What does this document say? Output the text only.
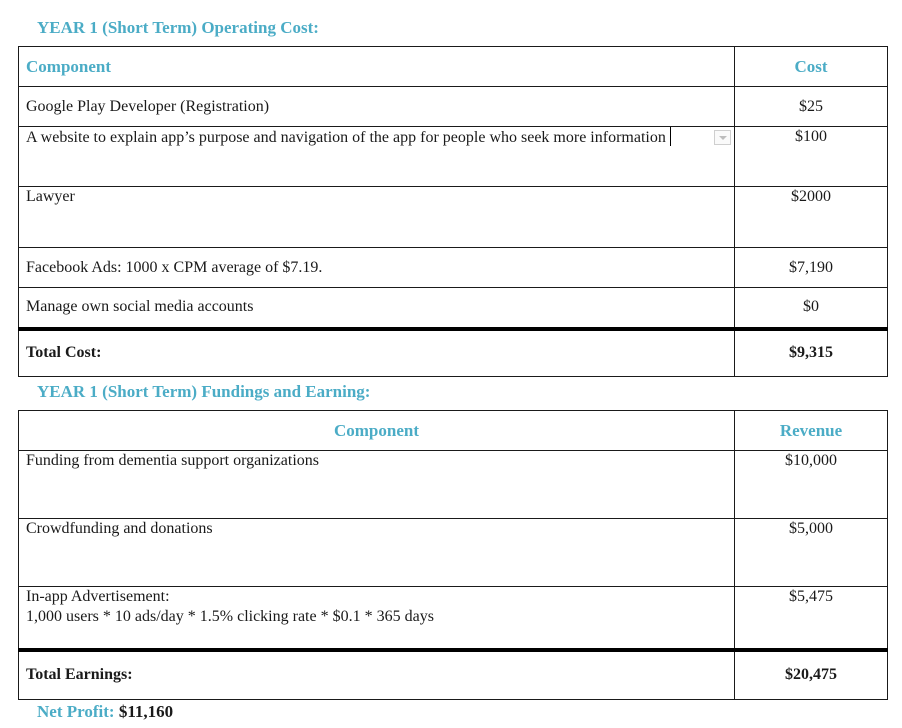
YEAR 1 (Short Term) Operating Cost:
Component	Cost
Google Play Developer (Registration)	$25
A website to explain app’s purpose and navigation of the app for people who seek more information	$100
Lawyer	$2000
Facebook Ads: 1000 x CPM average of $7.19.	$7,190
Manage own social media accounts	$0
Total Cost:	$9,315
YEAR 1 (Short Term) Fundings and Earning:
Component	Revenue
Funding from dementia support organizations	$10,000
Crowdfunding and donations	$5,000

In-app Advertisement:
1,000 users * 10 ads/day * 1.5% clicking rate * $0.1 * 365 days	$5,475
Total Earnings:	$20,475
Net Profit: $11,160
